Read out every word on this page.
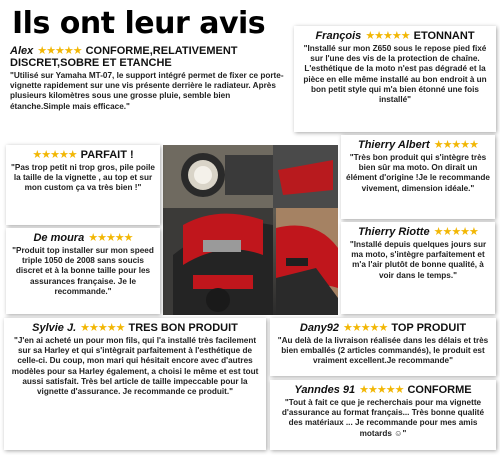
Ils ont leur avis
Alex ★★★★★ CONFORME,RELATIVEMENT
DISCRET,SOBRE ET ETANCHE
"Utilisé sur Yamaha MT-07, le support intégré permet de fixer ce porte-vignette rapidement sur une vis présente derrière le radiateur. Après plusieurs kilomètres sous une grosse pluie, semble bien étanche.Simple mais efficace."
François ★★★★★ ETONNANT
"Installé sur mon Z650 sous le repose pied fixé sur l'une des vis de la protection de chaîne. L'esthétique de la moto n'est pas dégradé et la pièce en elle même installé au bon endroit à un bon petit style qui m'a bien étonné une fois installé"
★★★★★ PARFAIT !
"Pas trop petit ni trop gros, pile poile la taille de la vignette , au top et sur mon custom ça va très bien !"
Thierry Albert ★★★★★
"Très bon produit qui s'intègre très bien sûr ma moto. On dirait un élément d'origine !Je le recommande vivement, dimension idéale."
De moura ★★★★★
"Produit top installer sur mon speed triple 1050 de 2008 sans soucis discret et à la bonne taille pour les assurances française. Je le recommande."
Thierry Riotte ★★★★★
"Installé depuis quelques jours sur ma moto, s'intègre parfaitement et m'a l'air plutôt de bonne qualité, à voir dans le temps."
Sylvie J. ★★★★★ TRES BON PRODUIT
"J'en ai acheté un pour mon fils, qui l'a installé très facilement sur sa Harley et qui s'intègrait parfaitement à l'esthétique de celle-ci. Du coup, mon mari qui hésitait encore avec d'autres modèles pour sa Harley également, a choisi le même et est tout aussi satisfait. Très bel article de taille impeccable pour la vignette d'assurance. Je recommande ce produit."
Dany92 ★★★★★ TOP PRODUIT
"Au delà de la livraison réalisée dans les délais et très bien emballés (2 articles commandés), le produit est vraiment excellent.Je recommande"
Yanndes 91 ★★★★★ CONFORME
"Tout à fait ce que je recherchais pour ma vignette d'assurance au format français... Très bonne qualité des matériaux ... Je recommande pour mes amis motards ☺"
